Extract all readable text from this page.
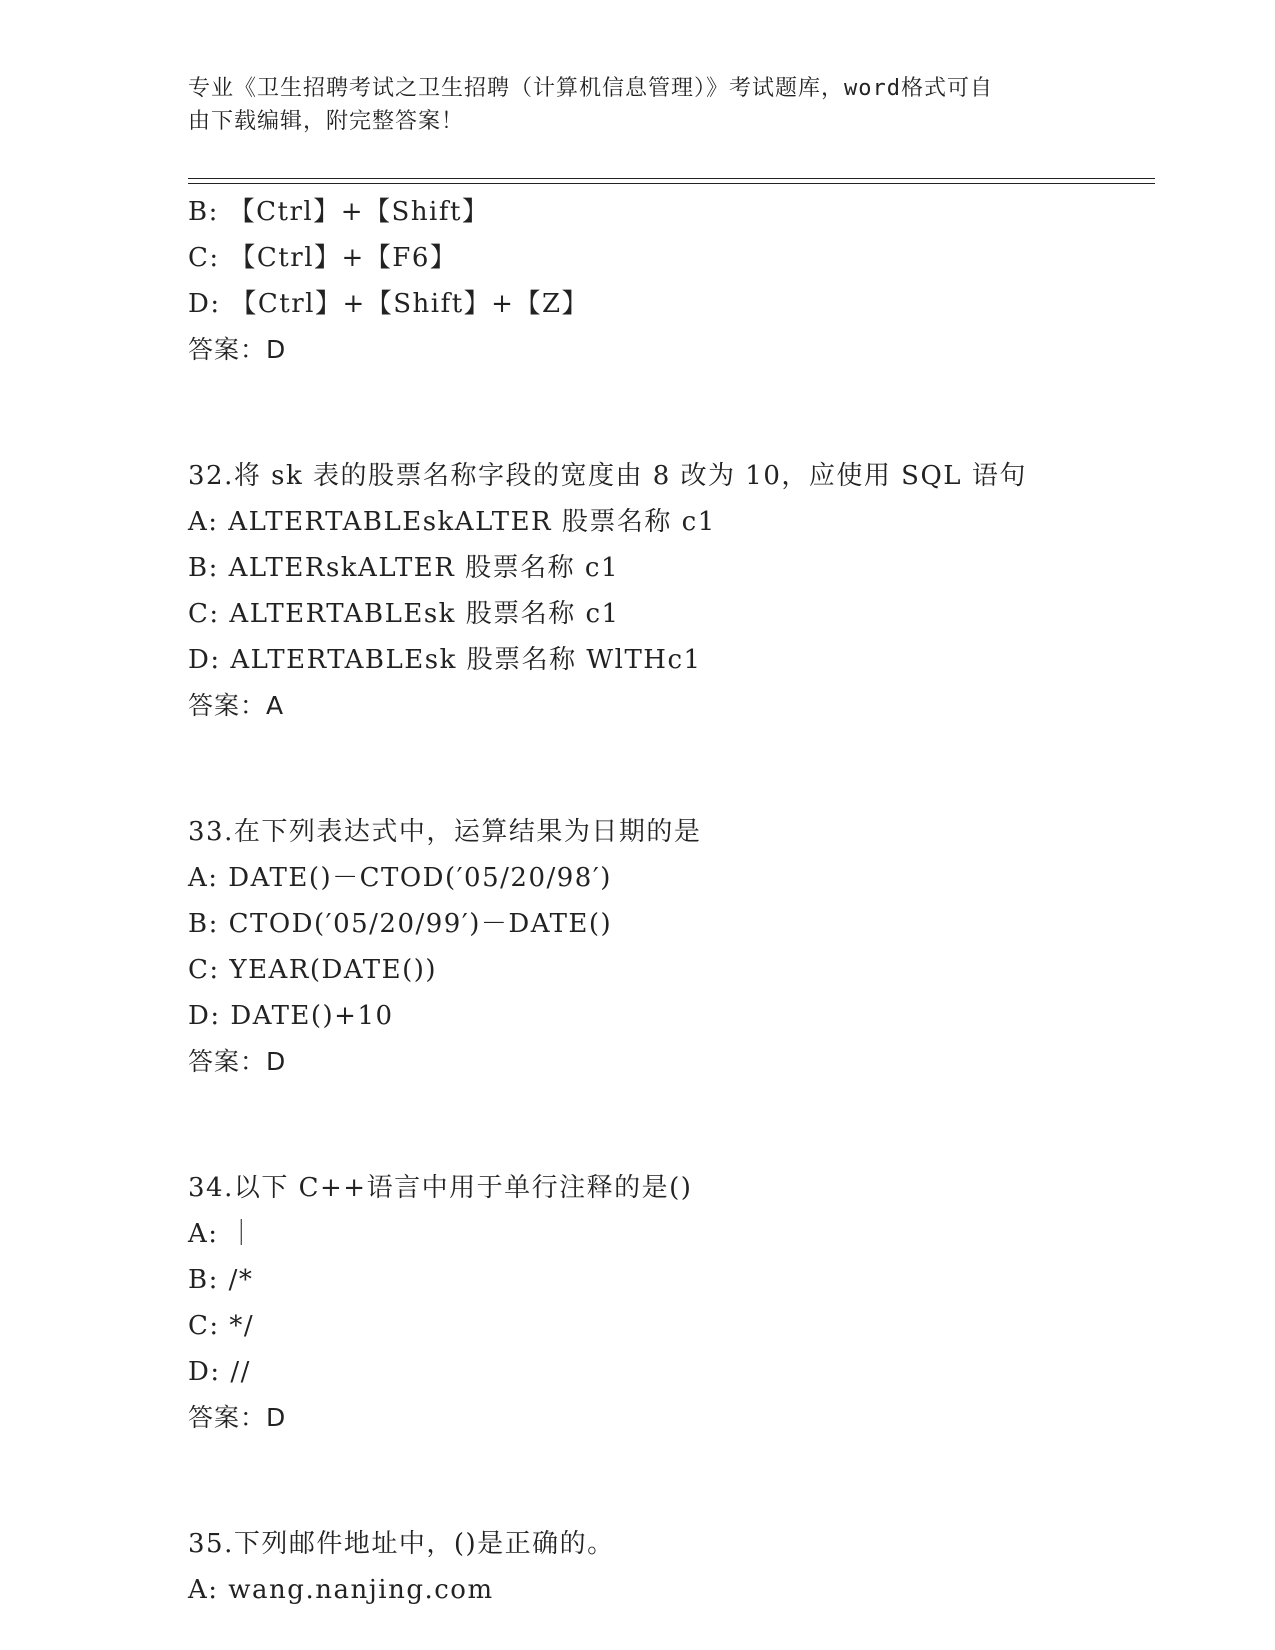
专业《卫生招聘考试之卫生招聘（计算机信息管理）》考试题库，word格式可自
由下载编辑，附完整答案！
B: 【Ctrl】+【Shift】
C: 【Ctrl】+【F6】
D: 【Ctrl】+【Shift】+【Z】
答案：D
32.将 sk 表的股票名称字段的宽度由 8 改为 10，应使用 SQL 语句
A: ALTERTABLEskALTER 股票名称 c1
B: ALTERskALTER 股票名称 c1
C: ALTERTABLEsk 股票名称 c1
D: ALTERTABLEsk 股票名称 WlTHc1
答案：A
33.在下列表达式中，运算结果为日期的是
A: DATE()－CTOD(′05/20/98′)
B: CTOD(′05/20/99′)－DATE()
C: YEAR(DATE())
D: DATE()+10
答案：D
34.以下 C++语言中用于单行注释的是()
A: ｜
B: /*
C: */
D: //
答案：D
35.下列邮件地址中，()是正确的。
A: wang.nanjing.com
